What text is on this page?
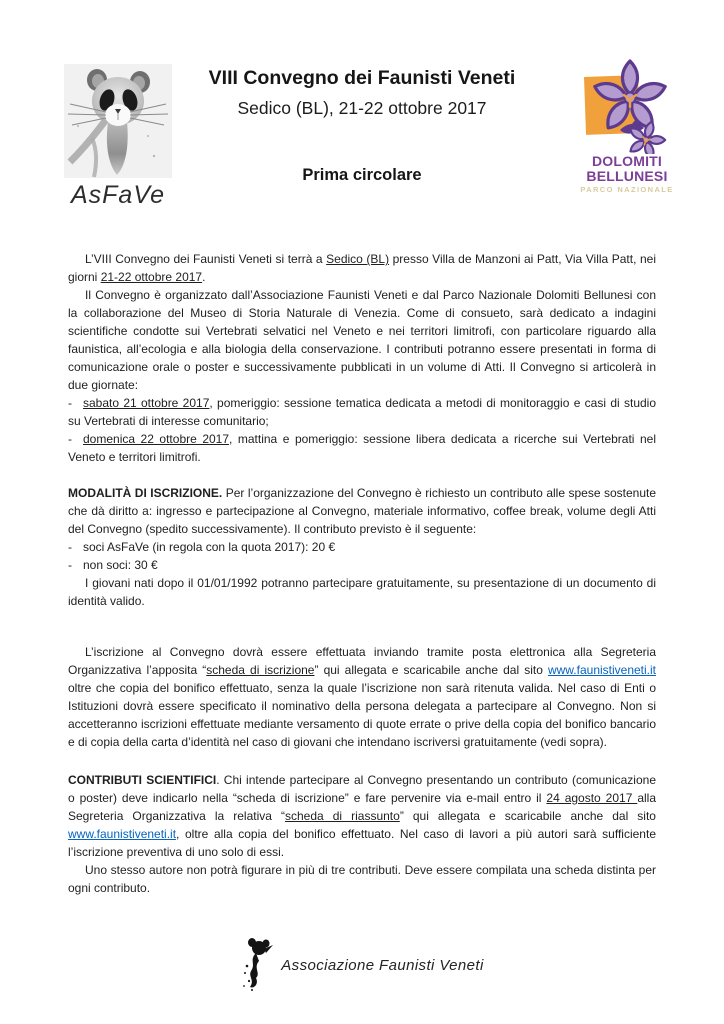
AsFaVe
VIII Convegno dei Faunisti Veneti
Sedico (BL), 21-22 ottobre 2017
Prima circolare
DOLOMITI
BELLUNESI
PARCO NAZIONALE

L’VIII Convegno dei Faunisti Veneti si terrà a Sedico (BL) presso Villa de Manzoni ai Patt, Via Villa Patt, nei giorni 21-22 ottobre 2017.

Il Convegno è organizzato dall’Associazione Faunisti Veneti e dal Parco Nazionale Dolomiti Bellunesi con la collaborazione del Museo di Storia Naturale di Venezia. Come di consueto, sarà dedicato a indagini scientifiche condotte sui Vertebrati selvatici nel Veneto e nei territori limitrofi, con particolare riguardo alla faunistica, all’ecologia e alla biologia della conservazione. I contributi potranno essere presentati in forma di comunicazione orale o poster e successivamente pubblicati in un volume di Atti. Il Convegno si articolerà in due giornate:

- sabato 21 ottobre 2017, pomeriggio: sessione tematica dedicata a metodi di monitoraggio e casi di studio su Vertebrati di interesse comunitario;

- domenica 22 ottobre 2017, mattina e pomeriggio: sessione libera dedicata a ricerche sui Vertebrati nel Veneto e territori limitrofi.

MODALITÀ DI ISCRIZIONE. Per l’organizzazione del Convegno è richiesto un contributo alle spese sostenute che dà diritto a: ingresso e partecipazione al Convegno, materiale informativo, coffee break, volume degli Atti del Convegno (spedito successivamente). Il contributo previsto è il seguente:

- soci AsFaVe (in regola con la quota 2017): 20 €

- non soci: 30 €

I giovani nati dopo il 01/01/1992 potranno partecipare gratuitamente, su presentazione di un documento di identità valido.

L’iscrizione al Convegno dovrà essere effettuata inviando tramite posta elettronica alla Segreteria Organizzativa l’apposita “scheda di iscrizione” qui allegata e scaricabile anche dal sito www.faunistiveneti.it oltre che copia del bonifico effettuato, senza la quale l’iscrizione non sarà ritenuta valida. Nel caso di Enti o Istituzioni dovrà essere specificato il nominativo della persona delegata a partecipare al Convegno. Non si accetteranno iscrizioni effettuate mediante versamento di quote errate o prive della copia del bonifico bancario e di copia della carta d’identità nel caso di giovani che intendano iscriversi gratuitamente (vedi sopra).

CONTRIBUTI SCIENTIFICI. Chi intende partecipare al Convegno presentando un contributo (comunicazione o poster) deve indicarlo nella “scheda di iscrizione” e fare pervenire via e-mail entro il 24 agosto 2017 alla Segreteria Organizzativa la relativa “scheda di riassunto” qui allegata e scaricabile anche dal sito www.faunistiveneti.it, oltre alla copia del bonifico effettuato. Nel caso di lavori a più autori sarà sufficiente l’iscrizione preventiva di uno solo di essi.

Uno stesso autore non potrà figurare in più di tre contributi. Deve essere compilata una scheda distinta per ogni contributo.

Associazione Faunisti Veneti
